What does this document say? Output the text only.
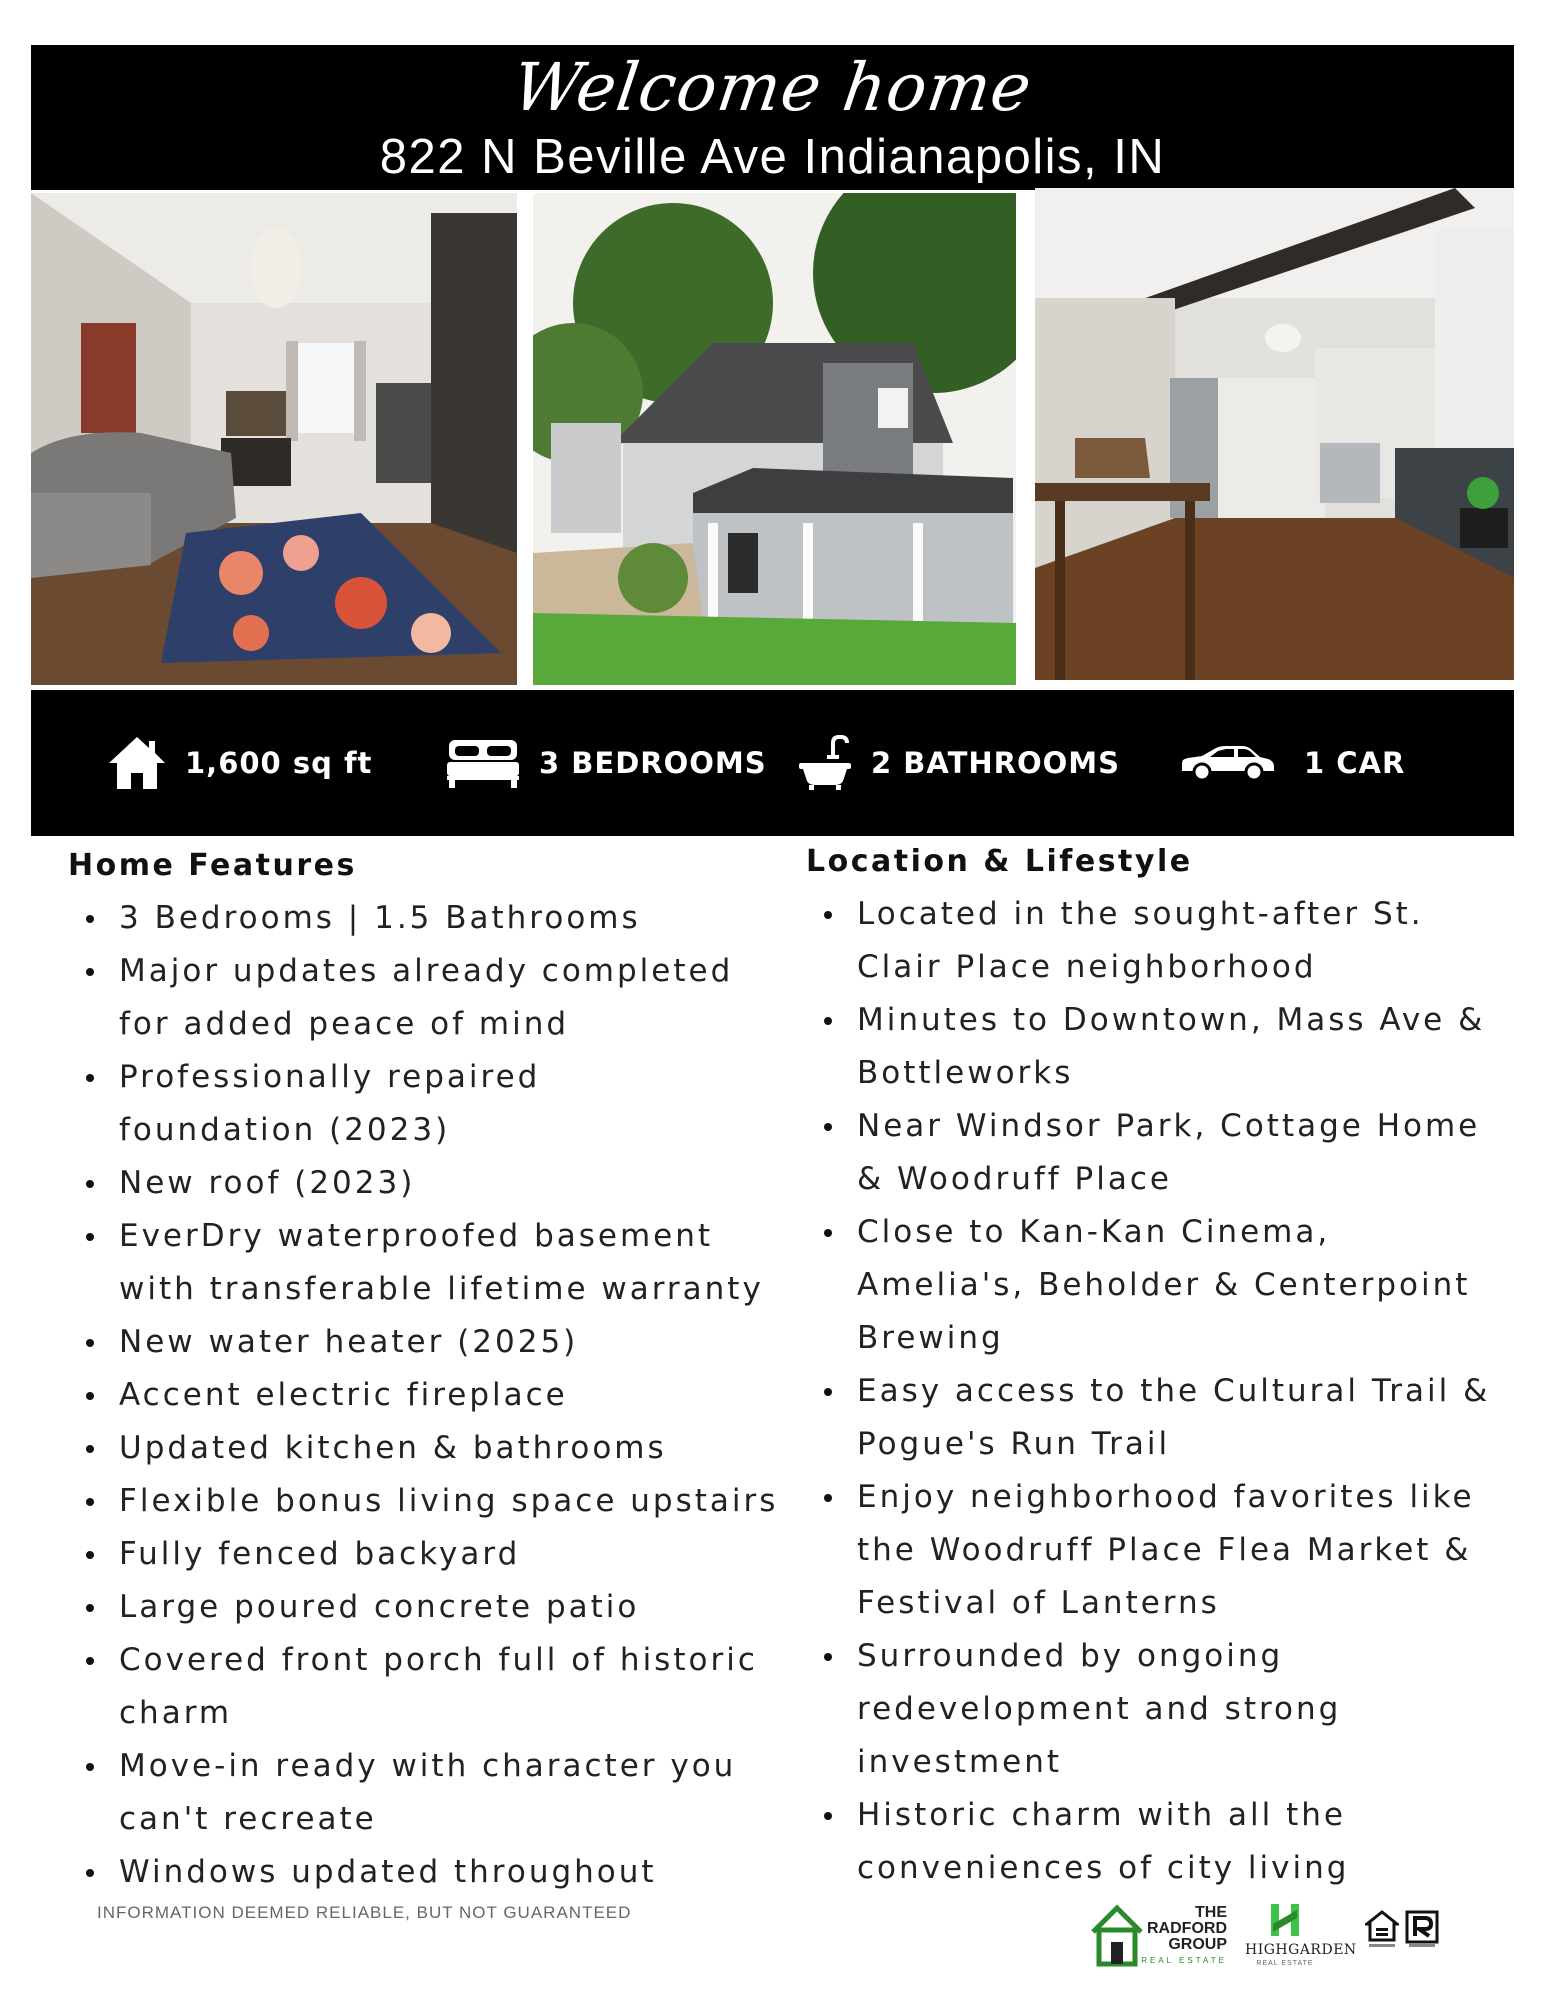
Welcome home
822 N Beville Ave Indianapolis, IN
1,600 sq ft	3 BEDROOMS	2 BATHROOMS	1 CAR
Home Features
3 Bedrooms | 1.5 Bathrooms
Major updates already completed for added peace of mind
Professionally repaired foundation (2023)
New roof (2023)
EverDry waterproofed basement with transferable lifetime warranty
New water heater (2025)
Accent electric fireplace
Updated kitchen & bathrooms
Flexible bonus living space upstairs
Fully fenced backyard
Large poured concrete patio
Covered front porch full of historic charm
Move-in ready with character you can't recreate
Windows updated throughout
Location & Lifestyle
Located in the sought-after St. Clair Place neighborhood
Minutes to Downtown, Mass Ave & Bottleworks
Near Windsor Park, Cottage Home & Woodruff Place
Close to Kan-Kan Cinema, Amelia's, Beholder & Centerpoint Brewing
Easy access to the Cultural Trail & Pogue's Run Trail
Enjoy neighborhood favorites like the Woodruff Place Flea Market & Festival of Lanterns
Surrounded by ongoing redevelopment and strong investment
Historic charm with all the conveniences of city living
INFORMATION DEEMED RELIABLE, BUT NOT GUARANTEED	THE
RADFORD
GROUP
REAL ESTATE
HIGHGARDEN
REAL ESTATE
